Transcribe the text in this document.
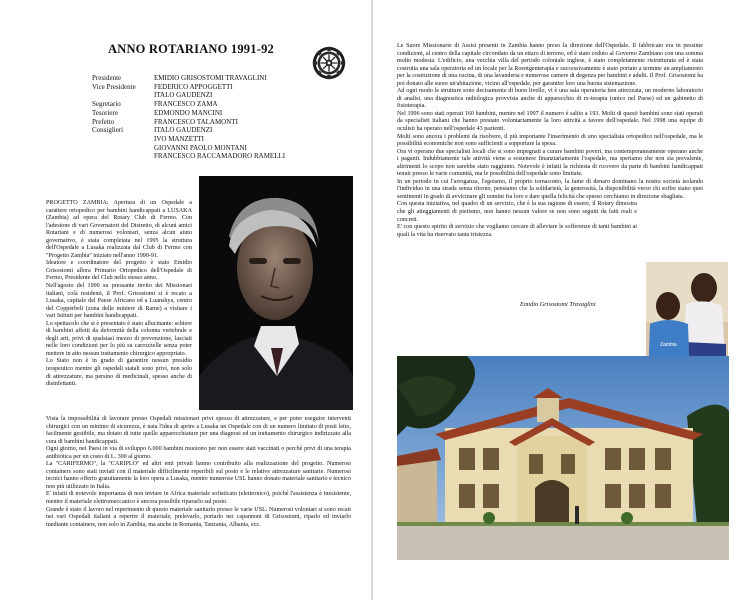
ANNO ROTARIANO 1991-92
Presidente	EMIDIO GRISOSTOMI TRAVAGLINI
Vice Presidente	FEDERICO APPOGGETTI
ITALO GAUDENZI
Segretario	FRANCESCO ZAMA
Tesoriere	EDMONDO MANCINI
Prefetto	FRANCESCO TALAMONTI
Consiglieri	ITALO GAUDENZI
IVO MANZETTI
GIOVANNI PAOLO MONTANI
FRANCESCO RACCAMADORO RAMELLI

PROGETTO ZAMBIA: Apertura di un Ospedale a carattere ortopedico per bambini handicappati a LUSAKA (Zambia) ad opera del Rotary Club di Fermo. Con l'adesione di vari Governatori del Distretto, di alcuni amici Rotariani e di numerosi volontari, senza alcun aiuto governativo, è stata completata nel 1995 la struttura dell'Ospedale a Lusaka realizzata dal Club di Fermo con "Progetto Zambia" iniziato nell'anno 1990-91.

Ideatore e coordinatore del progetto è stato Emidio Grisostomi allora Primario Ortopedico dell'Ospedale di Fermo, Presidente del Club nello stesso anno.

Nell'agosto del 1990 su pressante invito dei Missionari italiani, colà residenti, il Prof. Grisostomi si è recato a Lusaka, capitale del Paese Africano ed a Luanshya, centro del Copperbelt (zona delle miniere di Rame) a visitare i vari Istituti per bambini handicappati.

Lo spettacolo che si è presentato è stato allucinante: schiere di bambini affetti da deformità della colonna vertebrale e degli arti, privi di qualsiasi mezzo di prevenzione, lasciati nelle loro condizioni per lo più su carrozzelle senza poter mettere in atto nessun trattamento chirurgico appropriato.

Lo Stato non è in grado di garantire nessun presidio terapeutico mentre gli ospedali statali sono privi, non solo di attrezzature, ma persino di medicinali, spesso anche di disinfettanti.

Vista la impossibilità di lavorare presso Ospedali missionari privi spesso di attrezzature, e per poter eseguire interventi chirurgici con un minimo di sicurezza, è nata l'idea di aprire a Lusaka un Ospedale con di un numero limitato di posti letto, facilmente gestibile, ma dotato di tutte quelle apparecchiature per una diagnosi ed un trattamento chirurgico indirizzato alla cura di bambini handicappati.

Ogni giorno, nei Paesi in via di sviluppo 6.000 bambini muoiono per non essere stati vaccinati o perché privi di una terapia antibiotica per un costo di L. 300 al giorno.

La "CARIFERMO", la "CARIPLO" ed altri enti privati hanno contribuito alla realizzazione del progetto. Numerosi containers sono stati inviati con il materiale difficilmente reperibili sul posto e le relative attrezzature sanitarie. Numerosi tecnici hanno offerto gratuitamente la loro opera a Lusaka, mentre numerose USL hanno donato materiale sanitario e tecnico non più utilizzato in Italia.

E' infatti di notevole importanza di non inviare in Africa materiale sofisticato (elettronico), poiché l'assistenza è inesistente, mentre il materiale elettromeccanico è ancora possibile ripararlo sul posto.

Grande è stato il lavoro nel reperimento di questo materiale sanitario presso le varie USL. Numerosi volontari si sono recati nei vari Ospedali italiani a reperire il materiale, prelevarlo, portarlo nei capannoni di Grisostomi, riparlo ed inviarlo mediante containers, non solo in Zambia, ma anche in Romania, Tanzania, Albania, ecc.

Le Suore Missionarie di Assisi presenti in Zambia hanno preso la direzione dell'Ospedale. Il fabbricato era in pessime condizioni, al centro della capitale circondato da un ettaro di terreno, ed è stato ceduto al Governo Zambiano con una somma molto modesta. L'edificio, una vecchia villa del periodo coloniale inglese, è stato completamente ristrutturata ed è stata costruita una sala operatoria ed un locale per la Roentgenterapia e successivamente è stato portato a termine un ampliamento per la costruzione di una cucina, di una lavanderia e numerose camere di degenza per bambini e adulti. Il Prof. Grisostomi ha poi donato alle suore un'abitazione, vicino all'ospedale, per garantire loro una buona sistemazione.

Ad ogni modo le strutture sono decisamente di buon livello, vi è una sala operatoria ben attrezzata, un moderno laboratorio di analisi, una diagnostica radiologica provvista anche di apparecchio di rx-terapia (unico nel Paese) ed un gabinetto di fisioterapia.

Nel 1996 sono stati operati 160 bambini, mentre nel 1997 il numero è salito a 193. Molti di questi bambini sono stati operati da specialisti italiani che hanno prestato volontariamente la loro attività a favore dell'ospedale. Nel 1998 una equipe di oculisti ha operato nell'ospedale 43 pazienti.

Molti sono ancora i problemi da risolvere, il più importante l'inserimento di uno specialista ortopedico nell'ospedale, ma le possibilità economiche non sono sufficienti a sopportare la spesa.

Ora vi operano due specialisti locali che si sono impegnati a curare bambini poveri, ma contemporaneamente operano anche i paganti. Indubbiamente tale attività viene a sostenere finanziariamente l'ospedale, ma speriamo che non sia prevalente, altrimenti lo scopo non sarebbe stato raggiunto. Notevole è infatti la richiesta di ricovero da parte di bambini handicappati tenuti presso le varie comunità, ma le possibilità dell'ospedale sono limitate.

In un periodo in cui l'arroganza, l'egoismo, il proprio tornaconto, la fame di denaro dominano la nostra società isolando l'individuo in una strada senza ritorno, pensiamo che la solidarietà, la generosità, la disponibilità verso chi soffre siano quei sentimenti in grado di avvicinare gli uomini fra loro e dare quella felicità che spesso cerchiamo in direzione sbagliata.

Con questa iniziativa, nel quadro di un servizio, che è la sua ragione di essere, il Rotary dimostra che gli atteggiamenti di pietismo, non hanno nessun valore se non sono seguiti da fatti reali e concreti.

E' con questo spirito di servizio che vogliamo cercare di alleviare le sofferenze di tanti bambini ai quali la vita ha riservato tanta tristezza.

Emidio Grisostomi Travaglini
Zambia
